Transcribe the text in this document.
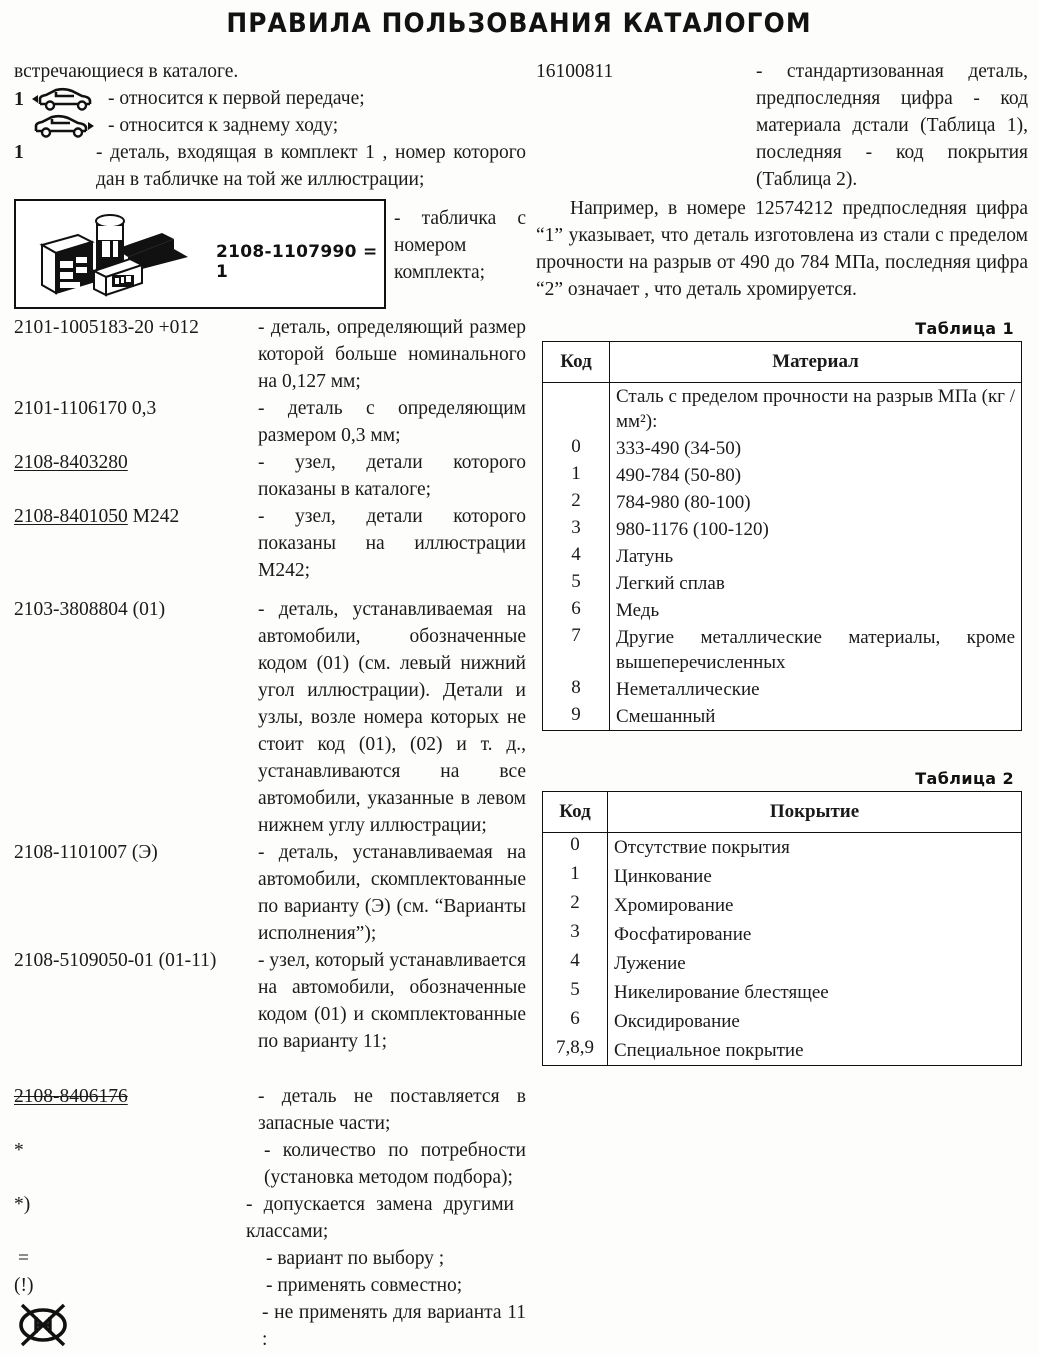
ПРАВИЛА ПОЛЬЗОВАНИЯ КАТАЛОГОМ
встречающиеся в каталоге.
1	- относится к первой передаче;
- относится к заднему ходу;
1	- деталь, входящая в комплект 1 , номер которого дан в табличке на той же иллюстрации;
2108-1107990 = 1
- табличка с номером комплекта;
2101-1005183-20 +012	- деталь, определяющий размер которой больше номинального на 0,127 мм;
2101-1106170 0,3	- деталь с определяющим размером 0,3 мм;
2108-8403280	- узел, детали которого показаны в каталоге;
2108-8401050 М242	- узел, детали которого показаны на иллюстрации М242;
2103-3808804 (01)	- деталь, устанавливаемая на автомобили, обозначенные кодом (01) (см. левый нижний угол иллюстрации). Детали и узлы, возле номера которых не стоит код (01), (02) и т. д., устанавливаются на все автомобили, указанные в левом нижнем углу иллюстрации;
2108-1101007 (Э)	- деталь, устанавливаемая на автомобили, скомплектованные по варианту (Э) (см. “Варианты исполнения”);
2108-5109050-01 (01-11)	- узел, который устанавливается на автомобили, обозначенные кодом (01) и скомплектованные по варианту 11;
2108-8406176	- деталь не поставляется в запасные части;
*	- количество по потребности (установка методом подбора);
*)	- допускается замена другими классами;
=	- вариант по выбору ;
(!)	- применять совместно;
- не применять для варианта 11 :
16100811	- стандартизованная деталь, предпоследняя цифра - код материала дстали (Таблица 1), последняя - код покрытия (Таблица 2).
Например, в номере 12574212 предпоследняя цифра “1” указывает, что деталь изготовлена из стали с пределом прочности на разрыв от 490 до 784 МПа, последняя цифра “2” означает , что деталь хромируется.
Таблица 1
Код	Материал
	Сталь с пределом прочности на разрыв МПа (кг / мм²):
0	333-490 (34-50)
1	490-784 (50-80)
2	784-980 (80-100)
3	980-1176 (100-120)
4	Латунь
5	Легкий сплав
6	Медь
7	Другие металлические материалы, кроме вышеперечисленных
8	Неметаллические
9	Смешанный
Таблица 2
Код	Покрытие
0	Отсутствие покрытия
1	Цинкование
2	Хромирование
3	Фосфатирование
4	Лужение
5	Никелирование блестящее
6	Оксидирование
7,8,9	Специальное покрытие
